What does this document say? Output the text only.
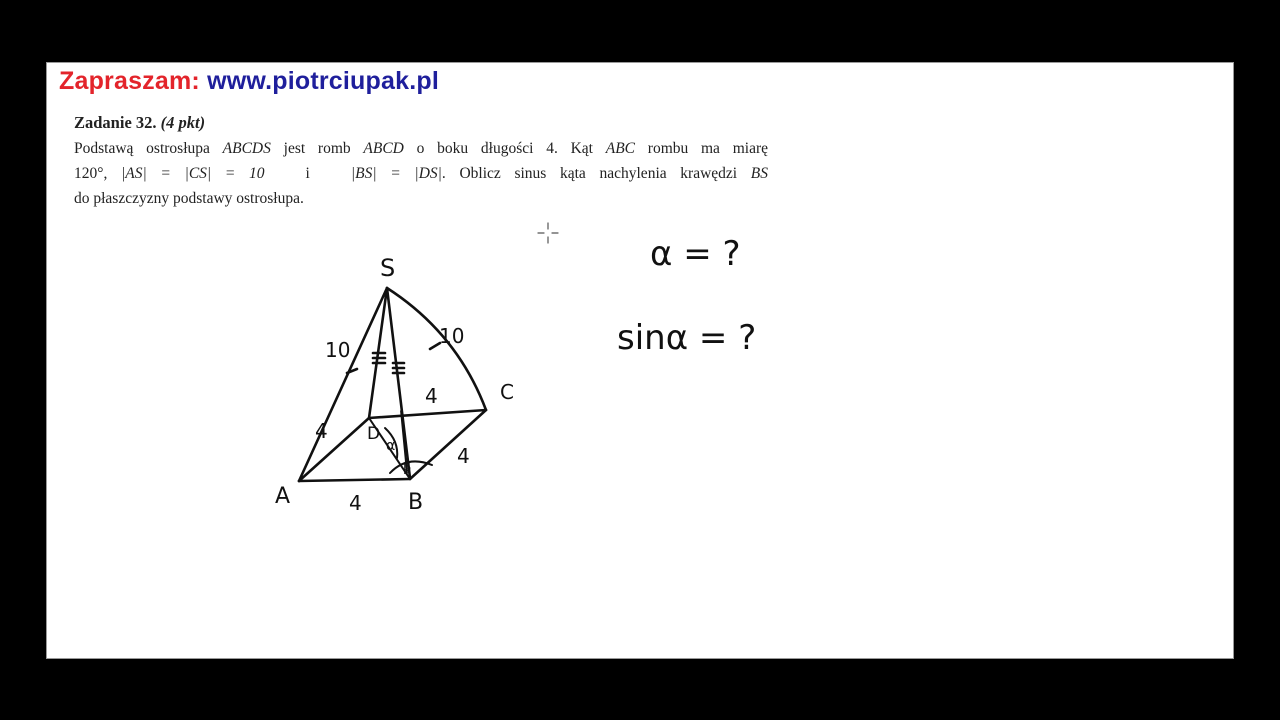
Zapraszam: www.piotrciupak.pl
Zadanie 32. (4 pkt)

Podstawą ostrosłupa ABCDS jest romb ABCD o boku długości 4. Kąt ABC rombu ma miarę

120°, |AS| = |CS| = 10   i   |BS| = |DS|. Oblicz sinus kąta nachylenia krawędzi BS

do płaszczyzny podstawy ostrosłupa.

S
A	B
C
D
10
10
4
4
4
4
α
β
α = ?
sinα = ?
